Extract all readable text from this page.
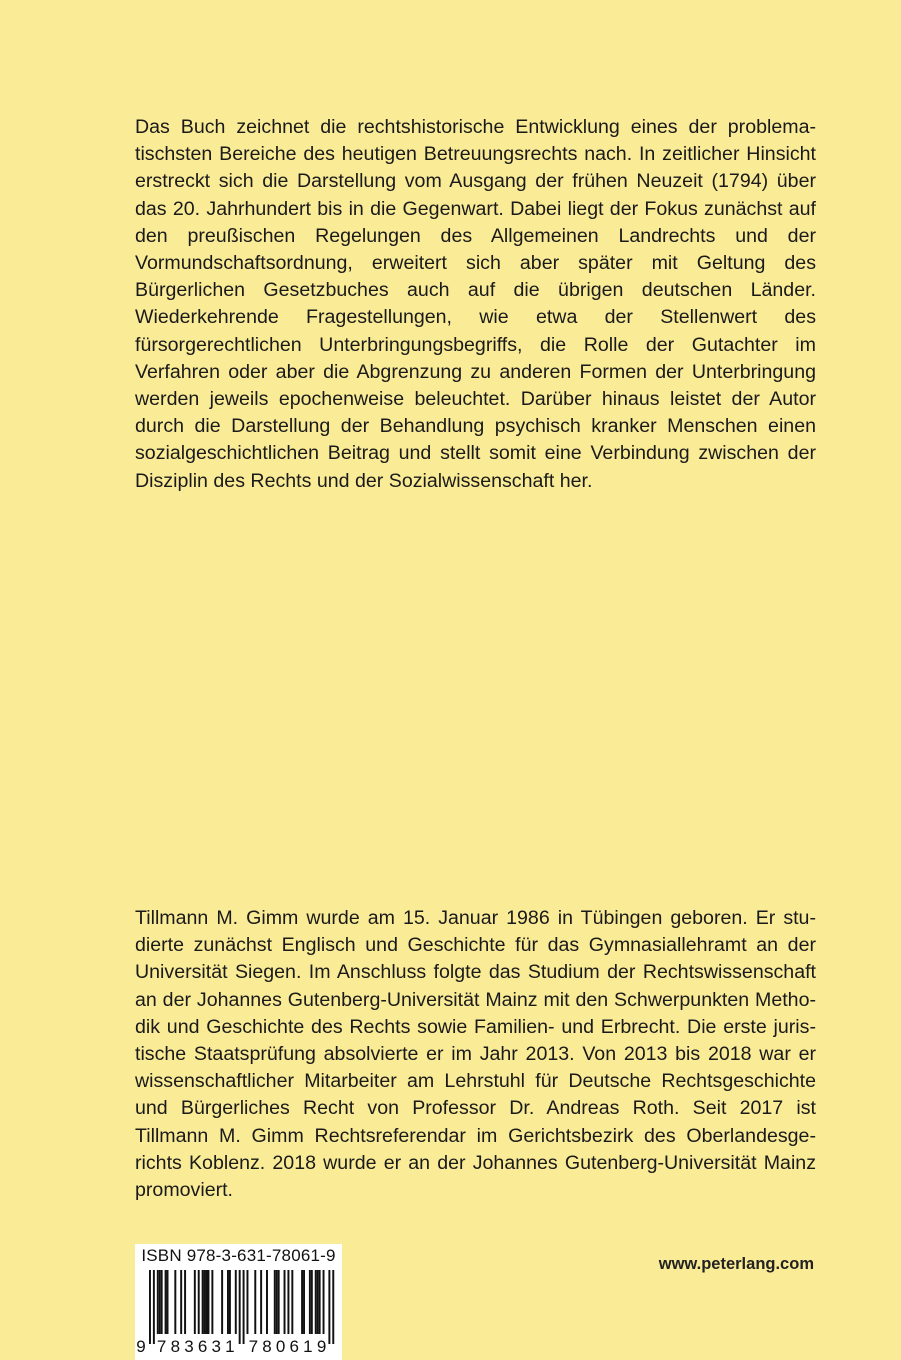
Das Buch zeichnet die rechtshistorische Entwicklung eines der problematischsten Bereiche des heutigen Betreuungsrechts nach. In zeitlicher Hinsicht erstreckt sich die Darstellung vom Ausgang der frühen Neuzeit (1794) über das 20. Jahrhundert bis in die Gegenwart. Dabei liegt der Fokus zunächst auf den preußischen Regelungen des Allgemeinen Landrechts und der Vormundschaftsordnung, erweitert sich aber später mit Geltung des Bürgerlichen Gesetzbuches auch auf die übrigen deutschen Länder. Wiederkehrende Fragestellungen, wie etwa der Stellenwert des fürsorgerechtlichen Unterbringungsbegriffs, die Rolle der Gutachter im Verfahren oder aber die Abgrenzung zu anderen Formen der Unterbringung werden jeweils epochenweise beleuchtet. Darüber hinaus leistet der Autor durch die Darstellung der Behandlung psychisch kranker Menschen einen sozialgeschichtlichen Beitrag und stellt somit eine Verbindung zwischen der Disziplin des Rechts und der Sozialwissenschaft her.

Tillmann M. Gimm wurde am 15. Januar 1986 in Tübingen geboren. Er studierte zunächst Englisch und Geschichte für das Gymnasiallehramt an der Universität Siegen. Im Anschluss folgte das Studium der Rechtswissenschaft an der Johannes Gutenberg-Universität Mainz mit den Schwerpunkten Methodik und Geschichte des Rechts sowie Familien- und Erbrecht. Die erste juristische Staatsprüfung absolvierte er im Jahr 2013. Von 2013 bis 2018 war er wissenschaftlicher Mitarbeiter am Lehrstuhl für Deutsche Rechtsgeschichte und Bürgerliches Recht von Professor Dr. Andreas Roth. Seit 2017 ist Tillmann M. Gimm Rechtsreferendar im Gerichtsbezirk des Oberlandesgerichts Koblenz. 2018 wurde er an der Johannes Gutenberg-Universität Mainz promoviert.

ISBN 978-3-631-78061-9
9 7 8 3 6 3 1 7 8 0 6 1 9
www.peterlang.com
